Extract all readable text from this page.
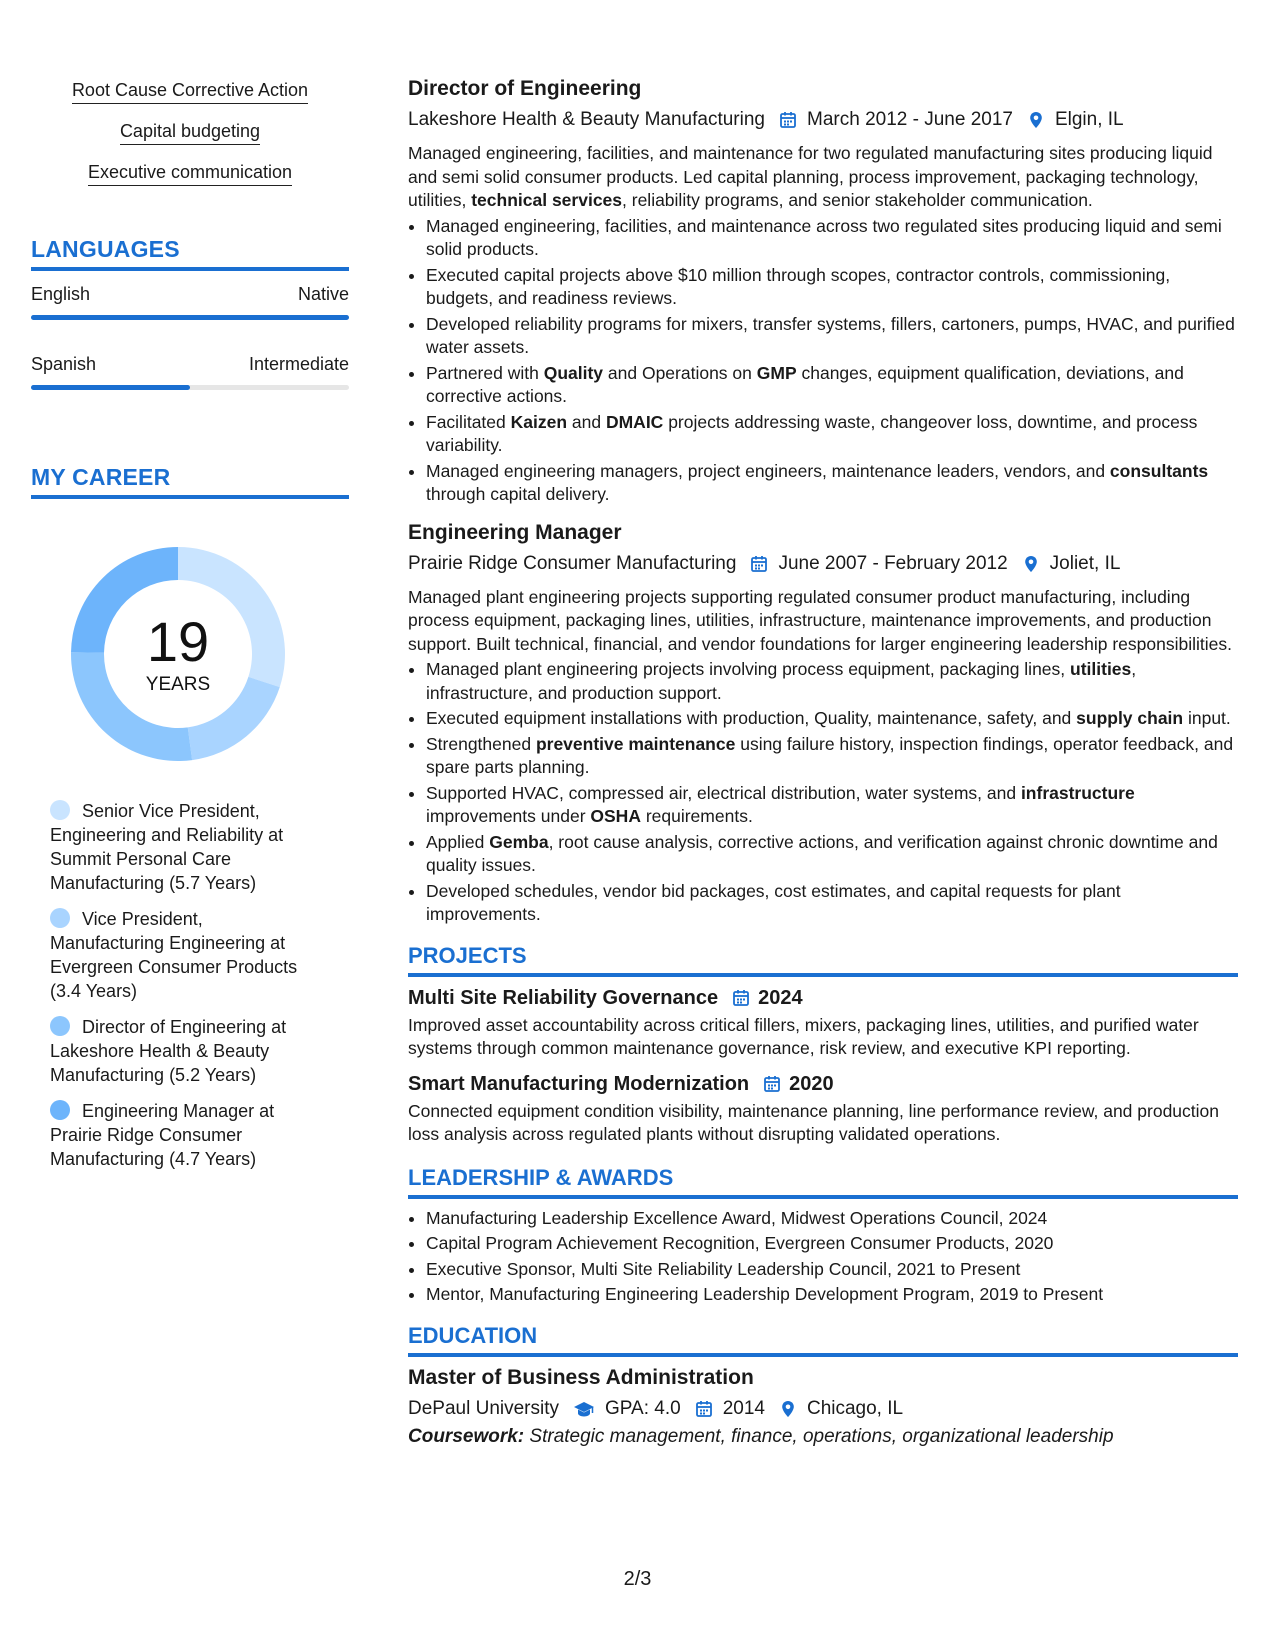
Root Cause Corrective Action
Capital budgeting
Executive communication
LANGUAGES
English	Native
Spanish	Intermediate
MY CAREER
19
YEARS
Senior Vice President, Engineering and Reliability at Summit Personal Care Manufacturing (5.7 Years)
Vice President, Manufacturing Engineering at Evergreen Consumer Products (3.4 Years)
Director of Engineering at Lakeshore Health & Beauty Manufacturing (5.2 Years)
Engineering Manager at Prairie Ridge Consumer Manufacturing (4.7 Years)
Director of Engineering
Lakeshore Health & Beauty Manufacturing March 2012 - June 2017 Elgin, IL
Managed engineering, facilities, and maintenance for two regulated manufacturing sites producing liquid and semi solid consumer products. Led capital planning, process improvement, packaging technology, utilities, technical services, reliability programs, and senior stakeholder communication.
• Managed engineering, facilities, and maintenance across two regulated sites producing liquid and semi solid products.
• Executed capital projects above $10 million through scopes, contractor controls, commissioning, budgets, and readiness reviews.
• Developed reliability programs for mixers, transfer systems, fillers, cartoners, pumps, HVAC, and purified water assets.
• Partnered with Quality and Operations on GMP changes, equipment qualification, deviations, and corrective actions.
• Facilitated Kaizen and DMAIC projects addressing waste, changeover loss, downtime, and process variability.
• Managed engineering managers, project engineers, maintenance leaders, vendors, and consultants through capital delivery.
Engineering Manager
Prairie Ridge Consumer Manufacturing June 2007 - February 2012 Joliet, IL
Managed plant engineering projects supporting regulated consumer product manufacturing, including process equipment, packaging lines, utilities, infrastructure, maintenance improvements, and production support. Built technical, financial, and vendor foundations for larger engineering leadership responsibilities.
• Managed plant engineering projects involving process equipment, packaging lines, utilities, infrastructure, and production support.
• Executed equipment installations with production, Quality, maintenance, safety, and supply chain input.
• Strengthened preventive maintenance using failure history, inspection findings, operator feedback, and spare parts planning.
• Supported HVAC, compressed air, electrical distribution, water systems, and infrastructure improvements under OSHA requirements.
• Applied Gemba, root cause analysis, corrective actions, and verification against chronic downtime and quality issues.
• Developed schedules, vendor bid packages, cost estimates, and capital requests for plant improvements.
PROJECTS
Multi Site Reliability Governance 2024
Improved asset accountability across critical fillers, mixers, packaging lines, utilities, and purified water systems through common maintenance governance, risk review, and executive KPI reporting.
Smart Manufacturing Modernization 2020
Connected equipment condition visibility, maintenance planning, line performance review, and production loss analysis across regulated plants without disrupting validated operations.
LEADERSHIP & AWARDS
• Manufacturing Leadership Excellence Award, Midwest Operations Council, 2024
• Capital Program Achievement Recognition, Evergreen Consumer Products, 2020
• Executive Sponsor, Multi Site Reliability Leadership Council, 2021 to Present
• Mentor, Manufacturing Engineering Leadership Development Program, 2019 to Present
EDUCATION
Master of Business Administration
DePaul University GPA: 4.0 2014 Chicago, IL
Coursework: Strategic management, finance, operations, organizational leadership
2/3
